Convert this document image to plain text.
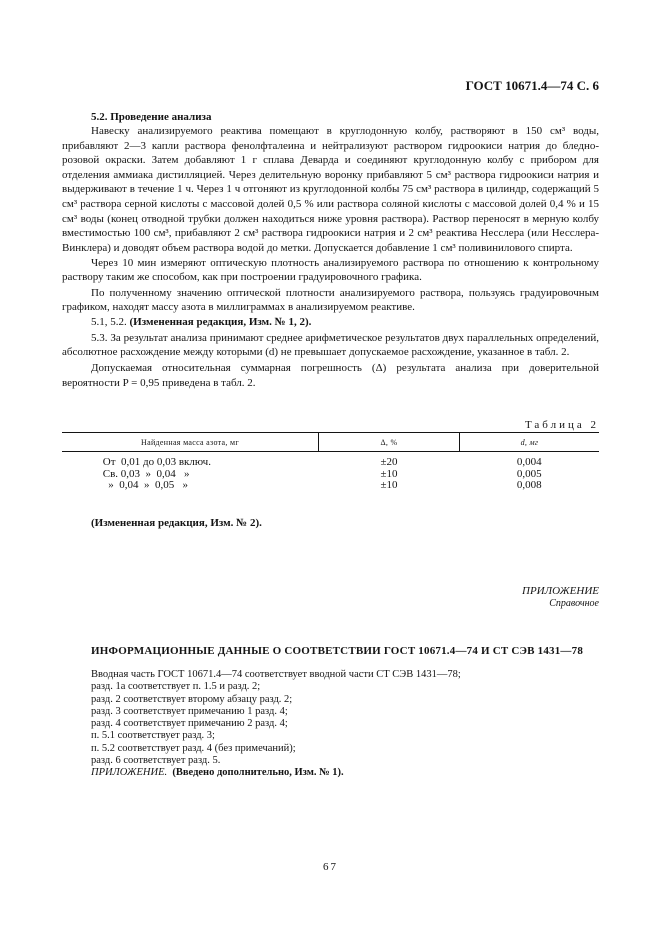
ГОСТ 10671.4—74 С. 6
5.2. Проведение анализа

Навеску анализируемого реактива помещают в круглодонную колбу, растворяют в 150 см³ воды, прибавляют 2—3 капли раствора фенолфталеина и нейтрализуют раствором гидроокиси натрия до бледно-розовой окраски. Затем добавляют 1 г сплава Деварда и соединяют круглодонную колбу с прибором для отделения аммиака дистилляцией. Через делительную воронку прибавляют 5 см³ раствора гидроокиси натрия и выдерживают в течение 1 ч. Через 1 ч отгоняют из круглодонной колбы 75 см³ раствора в цилиндр, содержащий 5 см³ раствора серной кислоты с массовой долей 0,5 % или раствора соляной кислоты с массовой долей 0,4 % и 15 см³ воды (конец отводной трубки должен находиться ниже уровня раствора). Раствор переносят в мерную колбу вместимостью 100 см³, прибавляют 2 см³ раствора гидроокиси натрия и 2 см³ реактива Несслера (или Несслера-Винклера) и доводят объем раствора водой до метки. Допускается добавление 1 см³ поливинилового спирта.

Через 10 мин измеряют оптическую плотность анализируемого раствора по отношению к контрольному раствору таким же способом, как при построении градуировочного графика.

По полученному значению оптической плотности анализируемого раствора, пользуясь градуировочным графиком, находят массу азота в миллиграммах в анализируемом реактиве.

5.1, 5.2. (Измененная редакция, Изм. № 1, 2).

5.3. За результат анализа принимают среднее арифметическое результатов двух параллельных определений, абсолютное расхождение между которыми (d) не превышает допускаемое расхождение, указанное в табл. 2.

Допускаемая относительная суммарная погрешность (Δ) результата анализа при доверительной вероятности P = 0,95 приведена в табл. 2.

Таблица 2
Найденная масса азота, мг	Δ, %	d, мг
От  0,01 до 0,03 включ.	±20	0,004
Св. 0,03  »  0,04   »	±10	0,005
»  0,04  »  0,05   »	±10	0,008
(Измененная редакция, Изм. № 2).
ПРИЛОЖЕНИЕ
Справочное
ИНФОРМАЦИОННЫЕ ДАННЫЕ О СООТВЕТСТВИИ ГОСТ 10671.4—74 И СТ СЭВ 1431—78
Вводная часть ГОСТ 10671.4—74 соответствует вводной части СТ СЭВ 1431—78;
разд. 1а соответствует п. 1.5 и разд. 2;
разд. 2 соответствует второму абзацу разд. 2;
разд. 3 соответствует примечанию 1 разд. 4;
разд. 4 соответствует примечанию 2 разд. 4;
п. 5.1 соответствует разд. 3;
п. 5.2 соответствует разд. 4 (без примечаний);
разд. 6 соответствует разд. 5.
ПРИЛОЖЕНИЕ. (Введено дополнительно, Изм. № 1).
67
